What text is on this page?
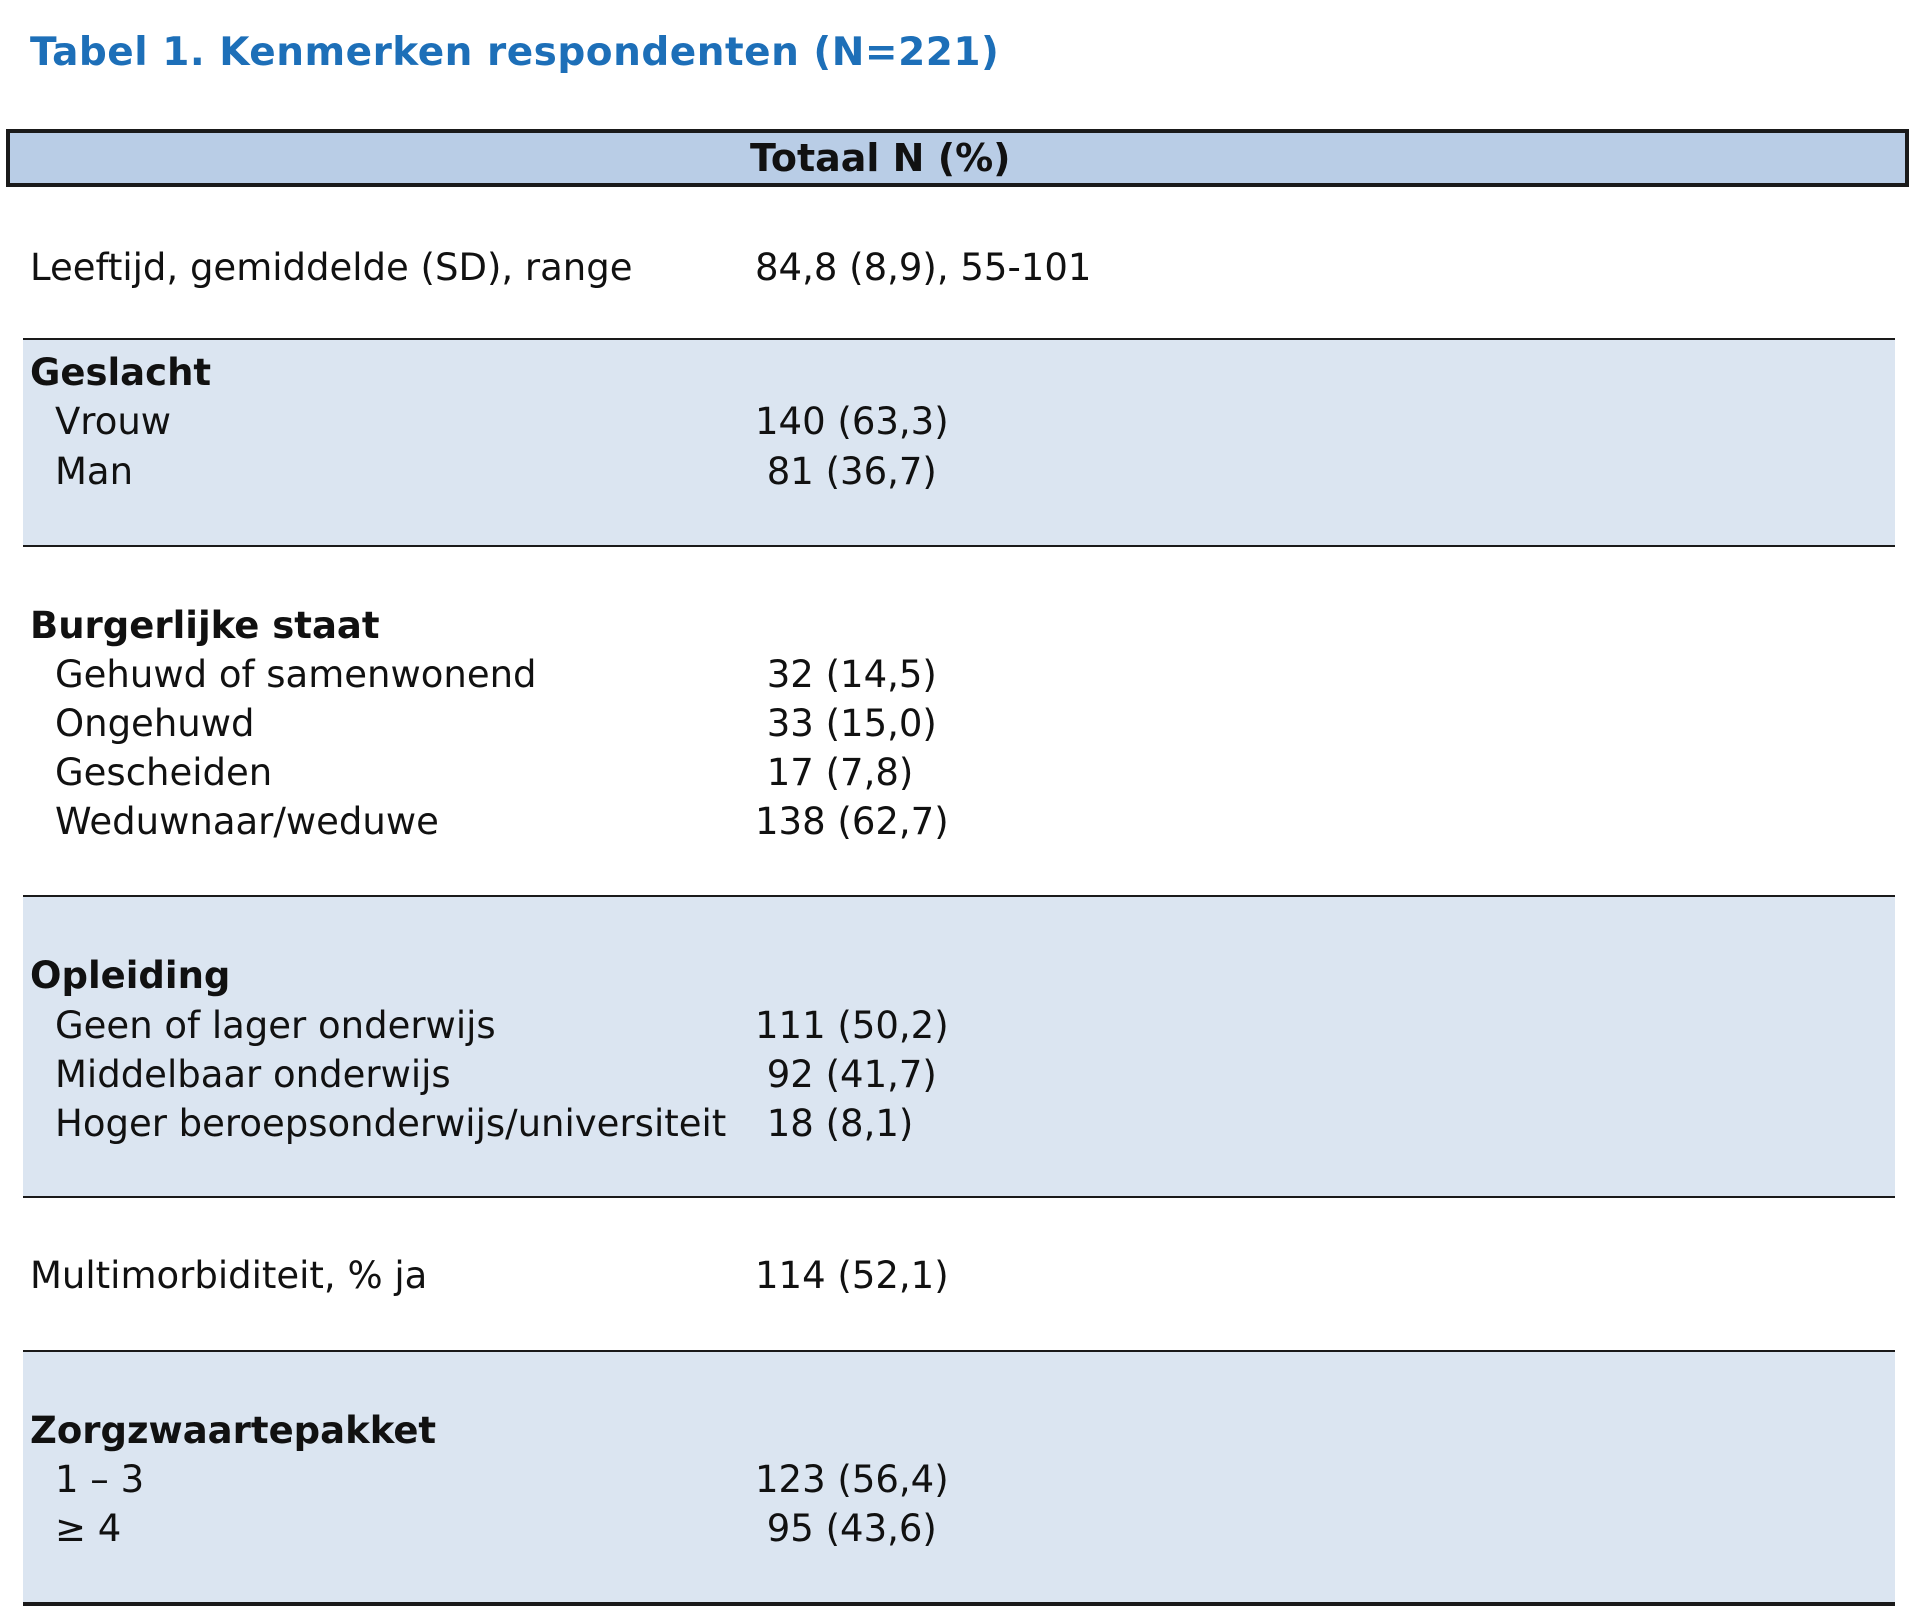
Tabel 1. Kenmerken respondenten (N=221)
Totaal N (%)
Leeftijd, gemiddelde (SD), range	84,8 (8,9), 55-101
Geslacht
Vrouw	140 (63,3)
Man	81 (36,7)
Burgerlijke staat
Gehuwd of samenwonend	32 (14,5)
Ongehuwd	33 (15,0)
Gescheiden	17 (7,8)
Weduwnaar/weduwe	138 (62,7)
Opleiding
Geen of lager onderwijs	111 (50,2)
Middelbaar onderwijs	92 (41,7)
Hoger beroepsonderwijs/universiteit 18 (8,1)
Multimorbiditeit, % ja	114 (52,1)
Zorgzwaartepakket
1 – 3	123 (56,4)
≥ 4	95 (43,6)
